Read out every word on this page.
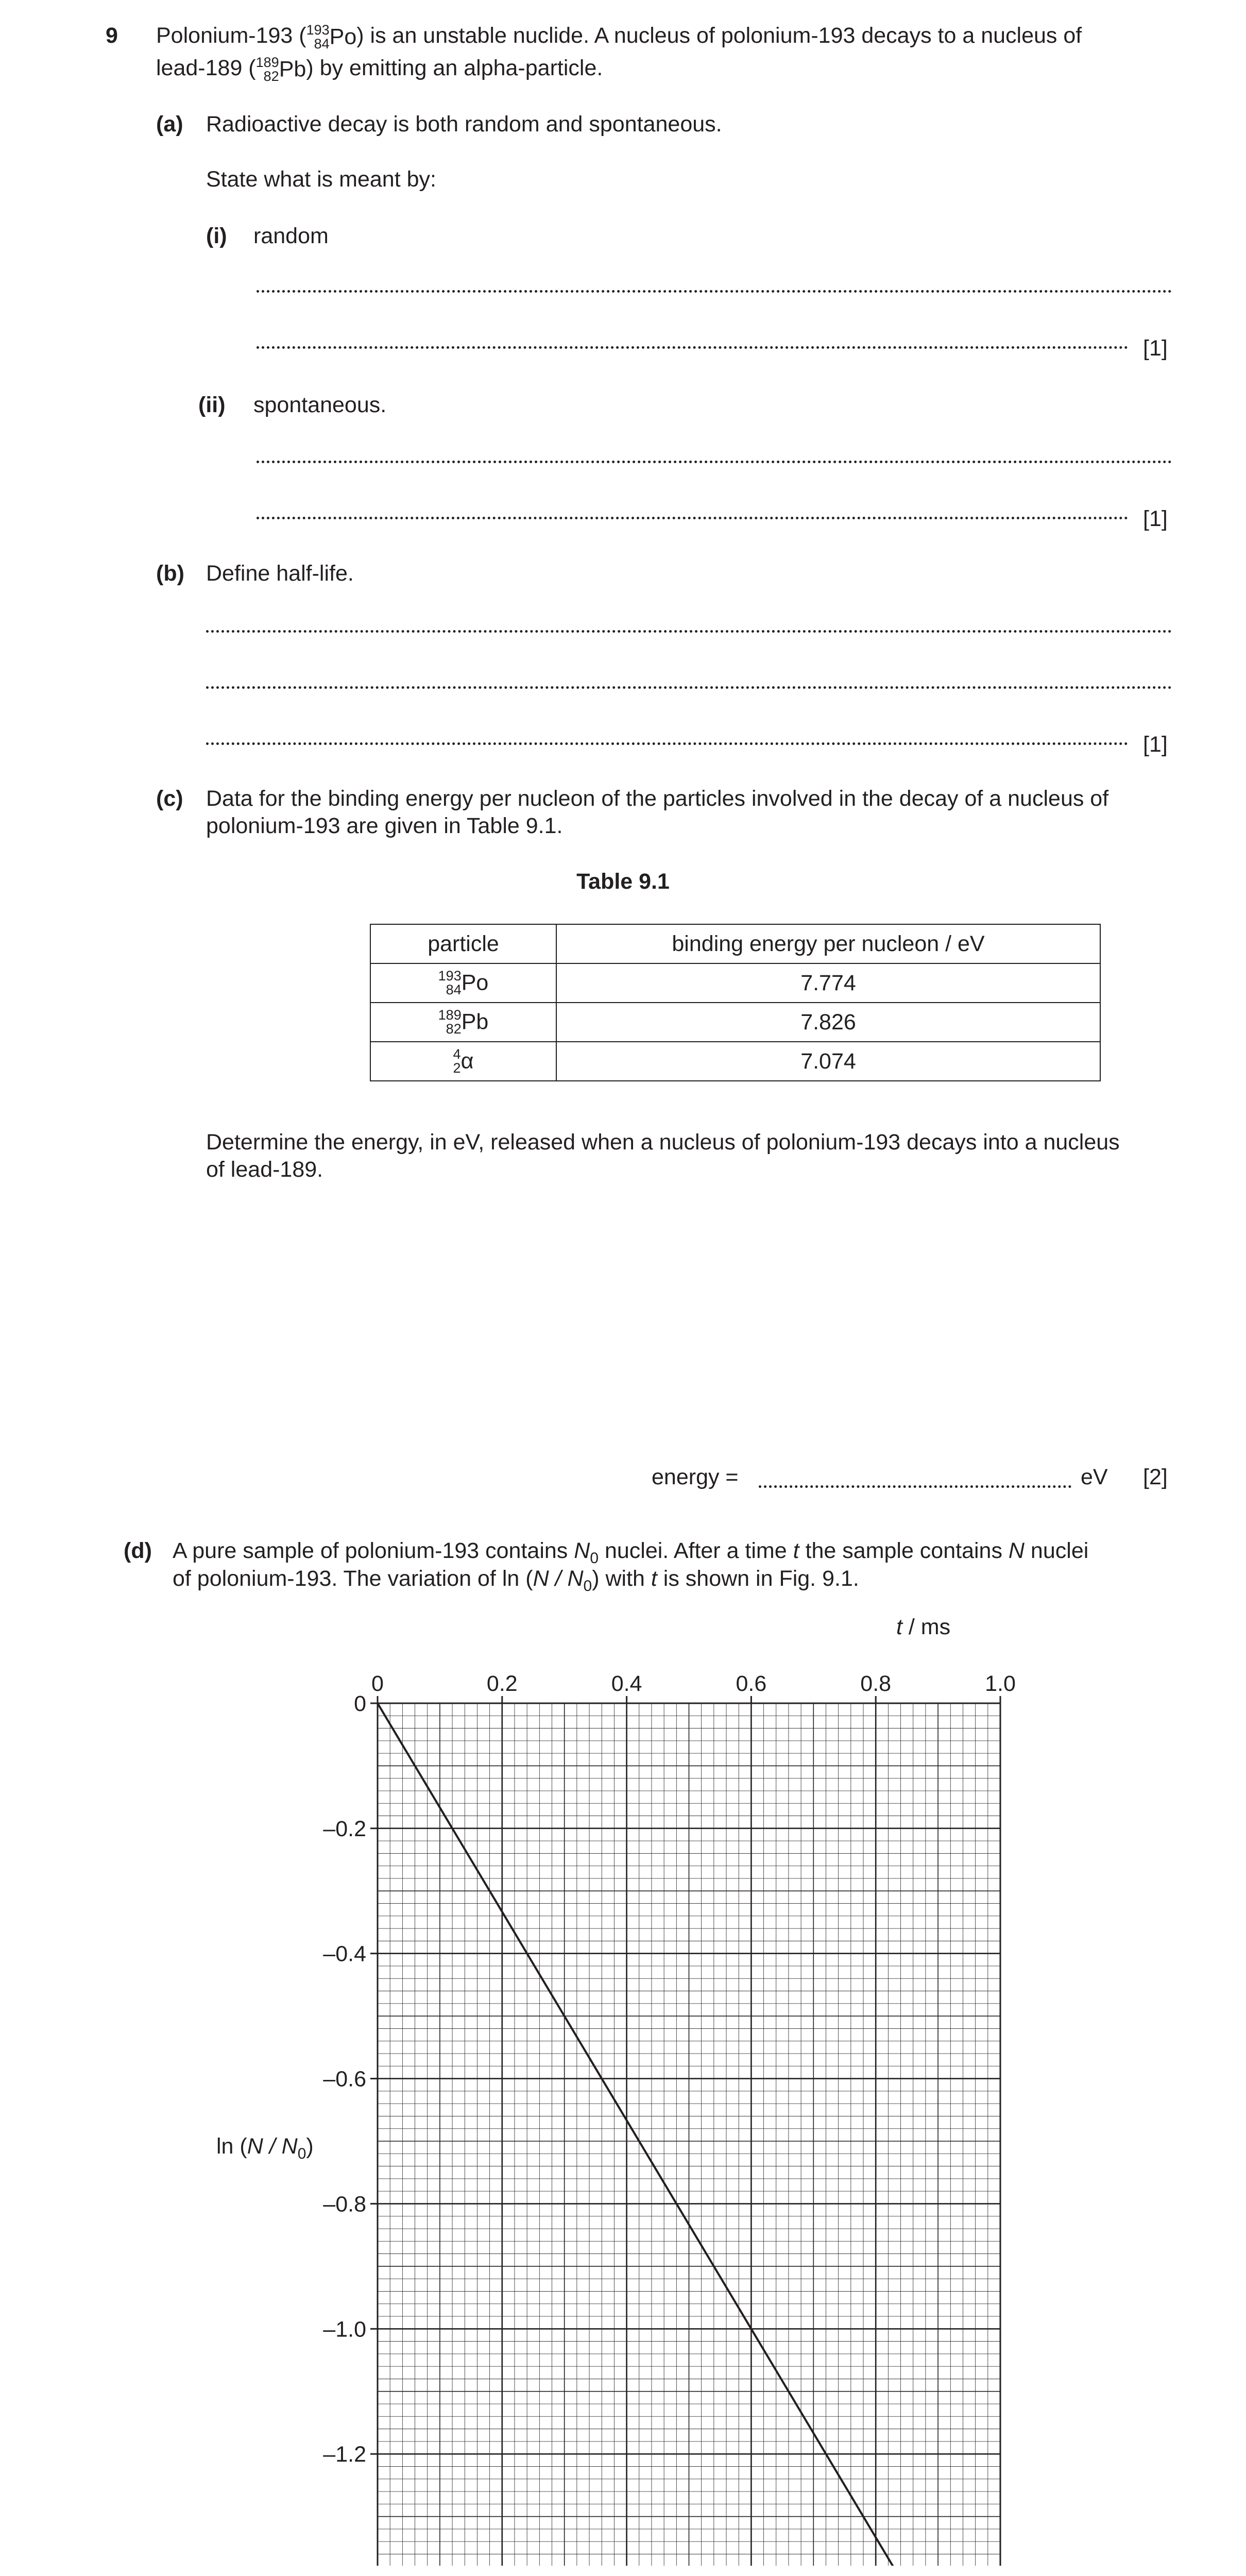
9 Polonium-193 (193
84Po) is an unstable nuclide. A nucleus of polonium-193 decays to a nucleus of
lead-189 (189
82Pb) by emitting an alpha-particle.
(a) Radioactive decay is both random and spontaneous.
State what is meant by:
(i) random
[1]
(ii) spontaneous.
[1]
(b) Define half-life.
[1]
(c) Data for the binding energy per nucleon of the particles involved in the decay of a nucleus of
polonium-193 are given in Table 9.1.
Table 9.1
particle	binding energy per nucleon / eV
193
84Po	7.774
189
82Pb	7.826
4
2α	7.074
Determine the energy, in eV, released when a nucleus of polonium-193 decays into a nucleus
of lead-189.
energy =	eV [2]
(d) A pure sample of polonium-193 contains $N_0$ nuclei. After a time t the sample contains N nuclei
of polonium-193. The variation of $\ln (N / N_0)$ with t is shown in Fig. 9.1.
0	0.2	0.4	0.6	0.8	1.0
0
–0.2
–0.4
–0.6
–0.8
–1.0
–1.2
t / ms
$\ln (N / N_0)$
